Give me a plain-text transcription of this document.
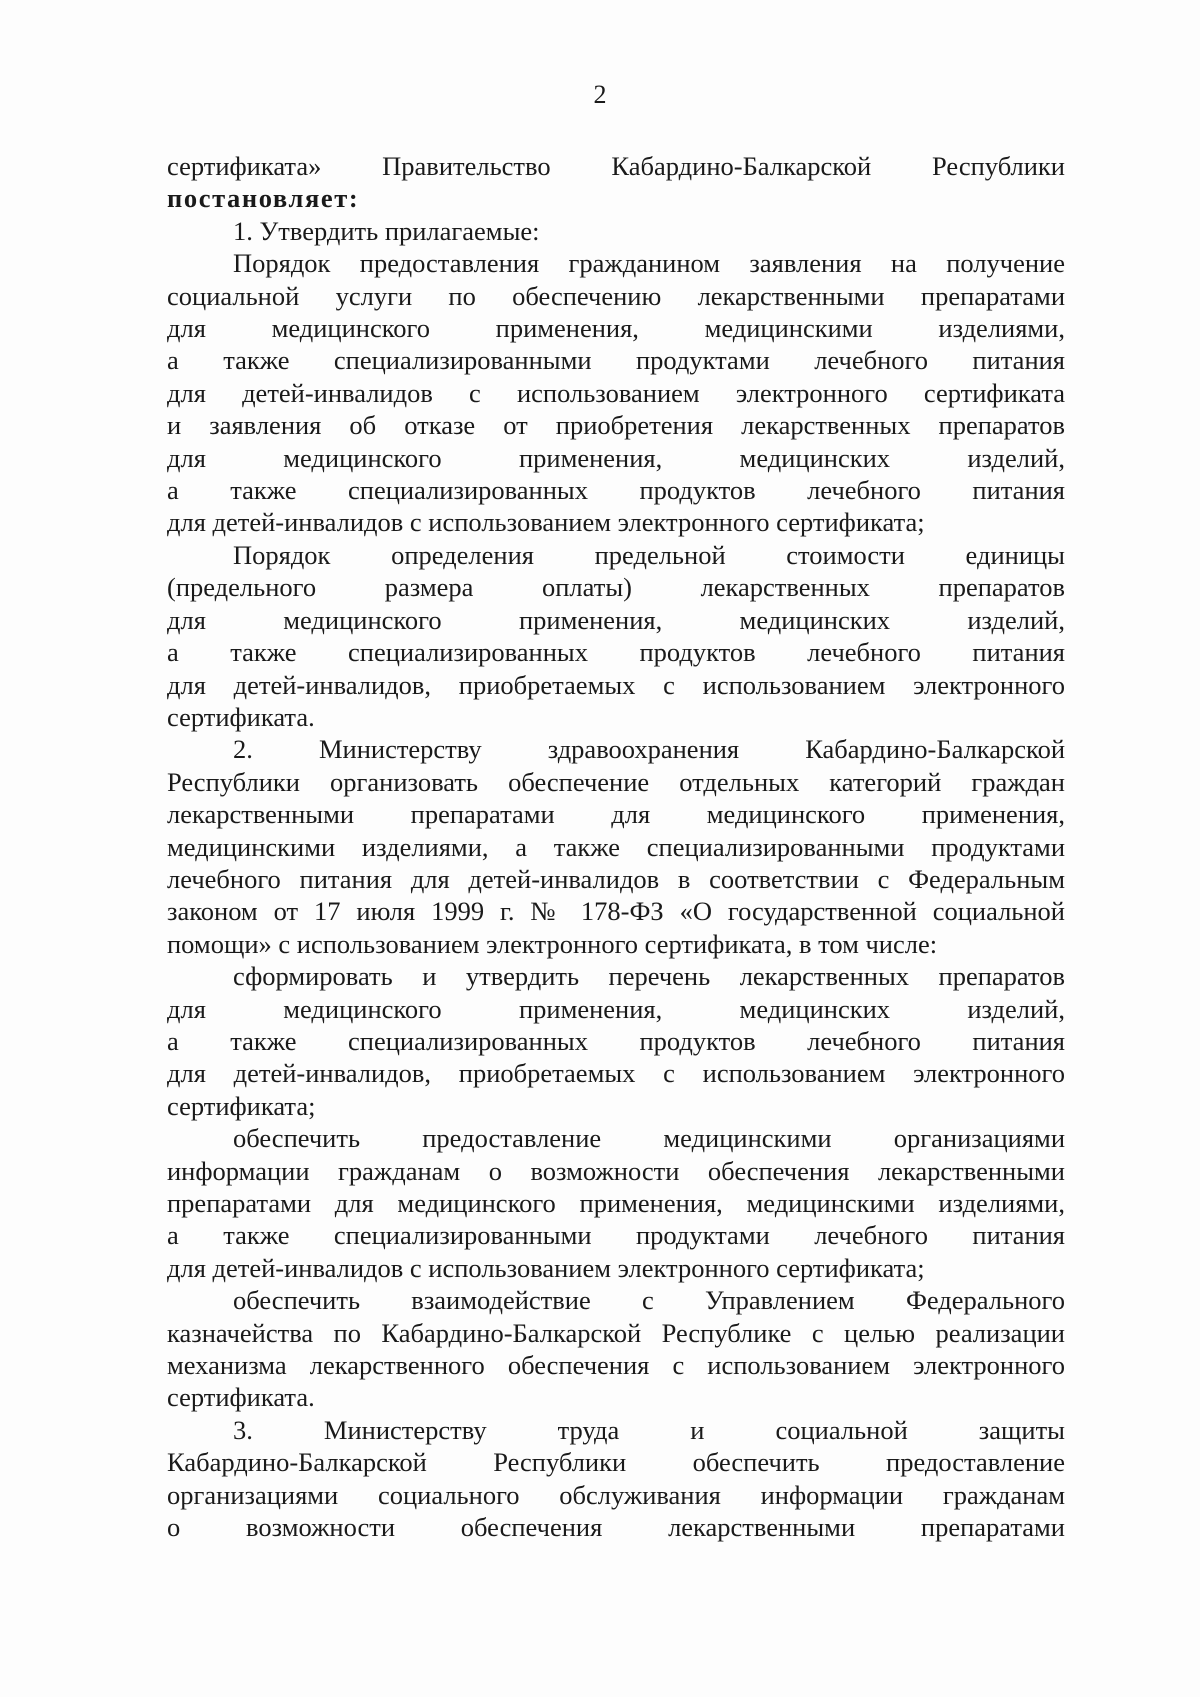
2
сертификата» Правительство Кабардино-Балкарской Республики
постановляет:
1. Утвердить прилагаемые:
Порядок предоставления гражданином заявления на получение
социальной услуги по обеспечению лекарственными препаратами
для медицинского применения, медицинскими изделиями,
а также специализированными продуктами лечебного питания
для детей-инвалидов с использованием электронного сертификата
и заявления об отказе от приобретения лекарственных препаратов
для медицинского применения, медицинских изделий,
а также специализированных продуктов лечебного питания
для детей-инвалидов с использованием электронного сертификата;
Порядок определения предельной стоимости единицы
(предельного размера оплаты) лекарственных препаратов
для медицинского применения, медицинских изделий,
а также специализированных продуктов лечебного питания
для детей-инвалидов, приобретаемых с использованием электронного
сертификата.
2. Министерству здравоохранения Кабардино-Балкарской
Республики организовать обеспечение отдельных категорий граждан
лекарственными препаратами для медицинского применения,
медицинскими изделиями, а также специализированными продуктами
лечебного питания для детей-инвалидов в соответствии с Федеральным
законом от 17 июля 1999 г. № 178-ФЗ «О государственной социальной
помощи» с использованием электронного сертификата, в том числе:
сформировать и утвердить перечень лекарственных препаратов
для медицинского применения, медицинских изделий,
а также специализированных продуктов лечебного питания
для детей-инвалидов, приобретаемых с использованием электронного
сертификата;
обеспечить предоставление медицинскими организациями
информации гражданам о возможности обеспечения лекарственными
препаратами для медицинского применения, медицинскими изделиями,
а также специализированными продуктами лечебного питания
для детей-инвалидов с использованием электронного сертификата;
обеспечить взаимодействие с Управлением Федерального
казначейства по Кабардино-Балкарской Республике с целью реализации
механизма лекарственного обеспечения с использованием электронного
сертификата.
3. Министерству труда и социальной защиты
Кабардино-Балкарской Республики обеспечить предоставление
организациями социального обслуживания информации гражданам
о возможности обеспечения лекарственными препаратами
